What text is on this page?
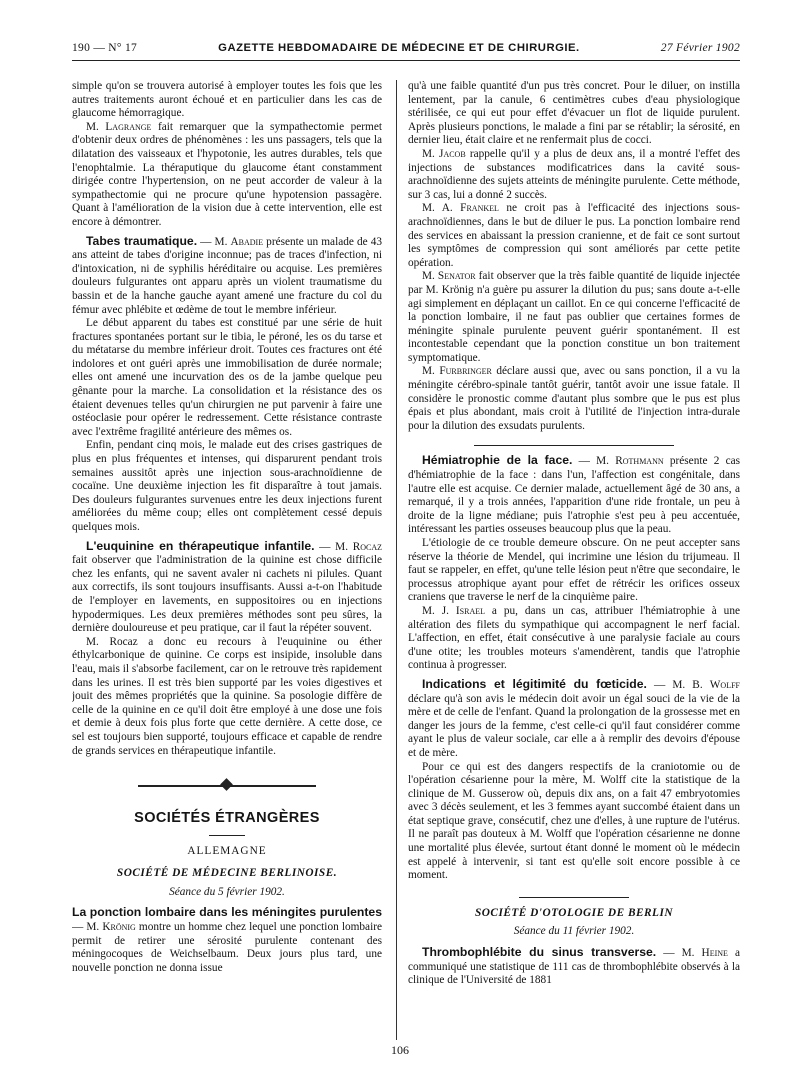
190 — N° 17	GAZETTE HEBDOMADAIRE DE MÉDECINE ET DE CHIRURGIE.	27 Février 1902

simple qu'on se trouvera autorisé à employer toutes les fois que les autres traitements auront échoué et en particulier dans les cas de glaucome hémorragique.

M. Lagrange fait remarquer que la sympathectomie permet d'obtenir deux ordres de phénomènes : les uns passagers, tels que la dilatation des vaisseaux et l'hypotonie, les autres durables, tels que l'enophtalmie. La théraputique du glaucome étant constamment dirigée contre l'hypertension, on ne peut accorder de valeur à la sympathectomie qui ne procure qu'une hypotension passagère. Quant à l'amélioration de la vision due à cette intervention, elle est encore à démontrer.

Tabes traumatique. — M. Abadie présente un malade de 43 ans atteint de tabes d'origine inconnue; pas de traces d'infection, ni d'intoxication, ni de syphilis héréditaire ou acquise. Les premières douleurs fulgurantes ont apparu après un violent traumatisme du bassin et de la hanche gauche ayant amené une fracture du col du fémur avec phlébite et œdème de tout le membre inférieur.

Le début apparent du tabes est constitué par une série de huit fractures spontanées portant sur le tibia, le péroné, les os du tarse et du métatarse du membre inférieur droit. Toutes ces fractures ont été indolores et ont guéri après une immobilisation de durée normale; elles ont amené une incurvation des os de la jambe quelque peu gênante pour la marche. La consolidation et la résistance des os étaient devenues telles qu'un chirurgien ne put parvenir à faire une ostéoclasie pour opérer le redressement. Cette résistance contraste avec l'extrême fragilité antérieure des mêmes os.

Enfin, pendant cinq mois, le malade eut des crises gastriques de plus en plus fréquentes et intenses, qui disparurent pendant trois semaines aussitôt après une injection sous-arachnoïdienne de cocaïne. Une deuxième injection les fit disparaître à tout jamais. Des douleurs fulgurantes survenues entre les deux injections furent améliorées du même coup; elles ont complètement cessé depuis quelques mois.

L'euquinine en thérapeutique infantile. — M. Rocaz fait observer que l'administration de la quinine est chose difficile chez les enfants, qui ne savent avaler ni cachets ni pilules. Quant aux correctifs, ils sont toujours insuffisants. Aussi a-t-on l'habitude de l'employer en lavements, en suppositoires ou en injections hypodermiques. Les deux premières méthodes sont peu sûres, la dernière douloureuse et peu pratique, car il faut la répéter souvent.

M. Rocaz a donc eu recours à l'euquinine ou éther éthylcarbonique de quinine. Ce corps est insipide, insoluble dans l'eau, mais il s'absorbe facilement, car on le retrouve très rapidement dans les urines. Il est très bien supporté par les voies digestives et jouit des mêmes propriétés que la quinine. Sa posologie diffère de celle de la quinine en ce qu'il doit être employé à une dose une fois et demie à deux fois plus forte que cette dernière. A cette dose, ce sel est toujours bien supporté, toujours efficace et capable de rendre de grands services en thérapeutique infantile.

SOCIÉTÉS ÉTRANGÈRES
ALLEMAGNE
SOCIÉTÉ DE MÉDECINE BERLINOISE.
Séance du 5 février 1902.

La ponction lombaire dans les méningites purulentes — M. Krönig montre un homme chez lequel une ponction lombaire permit de retirer une sérosité purulente contenant des méningocoques de Weichselbaum. Deux jours plus tard, une nouvelle ponction ne donna issue

qu'à une faible quantité d'un pus très concret. Pour le diluer, on instilla lentement, par la canule, 6 centimètres cubes d'eau physiologique stérilisée, ce qui eut pour effet d'évacuer un flot de liquide purulent. Après plusieurs ponctions, le malade a fini par se rétablir; la sérosité, en dernier lieu, était claire et ne renfermait plus de cocci.

M. Jacob rappelle qu'il y a plus de deux ans, il a montré l'effet des injections de substances modificatrices dans la cavité sous-arachnoïdienne des sujets atteints de méningite purulente. Cette méthode, sur 3 cas, lui a donné 2 succès.

M. A. Frankel ne croit pas à l'efficacité des injections sous-arachnoïdiennes, dans le but de diluer le pus. La ponction lombaire rend des services en abaissant la pression cranienne, et de fait ce sont surtout les symptômes de compression qui sont améliorés par cette petite opération.

M. Senator fait observer que la très faible quantité de liquide injectée par M. Krönig n'a guère pu assurer la dilution du pus; sans doute a-t-elle agi simplement en déplaçant un caillot. En ce qui concerne l'efficacité de la ponction lombaire, il ne faut pas oublier que certaines formes de méningite spinale purulente peuvent guérir spontanément. Il est incontestable cependant que la ponction constitue un bon traitement symptomatique.

M. Furbringer déclare aussi que, avec ou sans ponction, il a vu la méningite cérébro-spinale tantôt guérir, tantôt avoir une issue fatale. Il considère le pronostic comme d'autant plus sombre que le pus est plus épais et plus abondant, mais croit à l'utilité de l'injection intra-durale pour la dilution des exsudats purulents.

Hémiatrophie de la face. — M. Rothmann présente 2 cas d'hémiatrophie de la face : dans l'un, l'affection est congénitale, dans l'autre elle est acquise. Ce dernier malade, actuellement âgé de 30 ans, a remarqué, il y a trois années, l'apparition d'une ride frontale, un peu à droite de la ligne médiane; puis l'atrophie s'est peu à peu accentuée, intéressant les parties osseuses beaucoup plus que la peau.

L'étiologie de ce trouble demeure obscure. On ne peut accepter sans réserve la théorie de Mendel, qui incrimine une lésion du trijumeau. Il faut se rappeler, en effet, qu'une telle lésion peut n'être que secondaire, le processus atrophique ayant pour effet de rétrécir les orifices osseux craniens que traverse le nerf de la cinquième paire.

M. J. Israel a pu, dans un cas, attribuer l'hémiatrophie à une altération des filets du sympathique qui accompagnent le nerf facial. L'affection, en effet, était consécutive à une paralysie faciale au cours d'une otite; les troubles moteurs s'amendèrent, tandis que l'atrophie continua à progresser.

Indications et légitimité du fœticide. — M. B. Wolff déclare qu'à son avis le médecin doit avoir un égal souci de la vie de la mère et de celle de l'enfant. Quand la prolongation de la grossesse met en danger les jours de la femme, c'est celle-ci qu'il faut considérer comme ayant le plus de valeur sociale, car elle a à remplir des devoirs d'épouse et de mère.

Pour ce qui est des dangers respectifs de la craniotomie ou de l'opération césarienne pour la mère, M. Wolff cite la statistique de la clinique de M. Gusserow où, depuis dix ans, on a fait 47 embryotomies avec 3 décès seulement, et les 3 femmes ayant succombé étaient dans un état septique grave, consécutif, chez une d'elles, à une rupture de l'utérus. Il ne paraît pas douteux à M. Wolff que l'opération césarienne ne donne une mortalité plus élevée, surtout étant donné le moment où le médecin est appelé à intervenir, si tant est qu'elle soit encore possible à ce moment.

SOCIÉTÉ D'OTOLOGIE DE BERLIN
Séance du 11 février 1902.

Thrombophlébite du sinus transverse. — M. Heine a communiqué une statistique de 111 cas de thrombophlébite observés à la clinique de l'Université de 1881

106
